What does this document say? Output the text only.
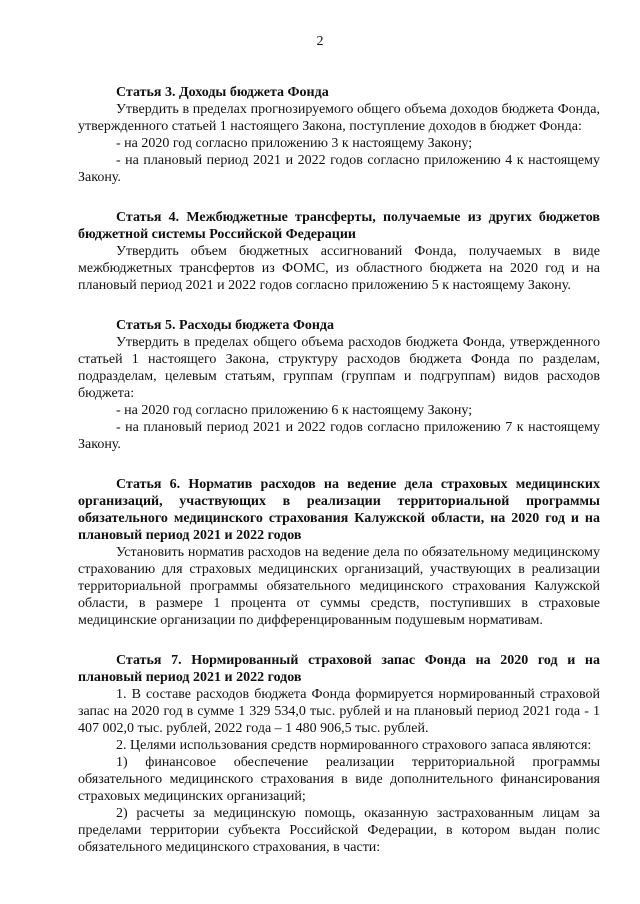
2

Статья 3. Доходы бюджета Фонда

Утвердить в пределах прогнозируемого общего объема доходов бюджета Фонда, утвержденного статьей 1 настоящего Закона, поступление доходов в бюджет Фонда:

- на 2020 год согласно приложению 3 к настоящему Закону;

- на плановый период 2021 и 2022 годов согласно приложению 4 к настоящему Закону.

Статья 4. Межбюджетные трансферты, получаемые из других бюджетов бюджетной системы Российской Федерации

Утвердить объем бюджетных ассигнований Фонда, получаемых в виде межбюджетных трансфертов из ФОМС, из областного бюджета на 2020 год и на плановый период 2021 и 2022 годов согласно приложению 5 к настоящему Закону.

Статья 5. Расходы бюджета Фонда

Утвердить в пределах общего объема расходов бюджета Фонда, утвержденного статьей 1 настоящего Закона, структуру расходов бюджета Фонда по разделам, подразделам, целевым статьям, группам (группам и подгруппам) видов расходов бюджета:

- на 2020 год согласно приложению 6 к настоящему Закону;

- на плановый период 2021 и 2022 годов согласно приложению 7 к настоящему Закону.

Статья 6. Норматив расходов на ведение дела страховых медицинских организаций, участвующих в реализации территориальной программы обязательного медицинского страхования Калужской области, на 2020 год и на плановый период 2021 и 2022 годов

Установить норматив расходов на ведение дела по обязательному медицинскому страхованию для страховых медицинских организаций, участвующих в реализации территориальной программы обязательного медицинского страхования Калужской области, в размере 1 процента от суммы средств, поступивших в страховые медицинские организации по дифференцированным подушевым нормативам.

Статья 7. Нормированный страховой запас Фонда на 2020 год и на плановый период 2021 и 2022 годов

1. В составе расходов бюджета Фонда формируется нормированный страховой запас на 2020 год в сумме 1 329 534,0 тыс. рублей и на плановый период 2021 года - 1 407 002,0 тыс. рублей, 2022 года – 1 480 906,5 тыс. рублей.

2. Целями использования средств нормированного страхового запаса являются:

1) финансовое обеспечение реализации территориальной программы обязательного медицинского страхования в виде дополнительного финансирования страховых медицинских организаций;

2) расчеты за медицинскую помощь, оказанную застрахованным лицам за пределами территории субъекта Российской Федерации, в котором выдан полис обязательного медицинского страхования, в части:
